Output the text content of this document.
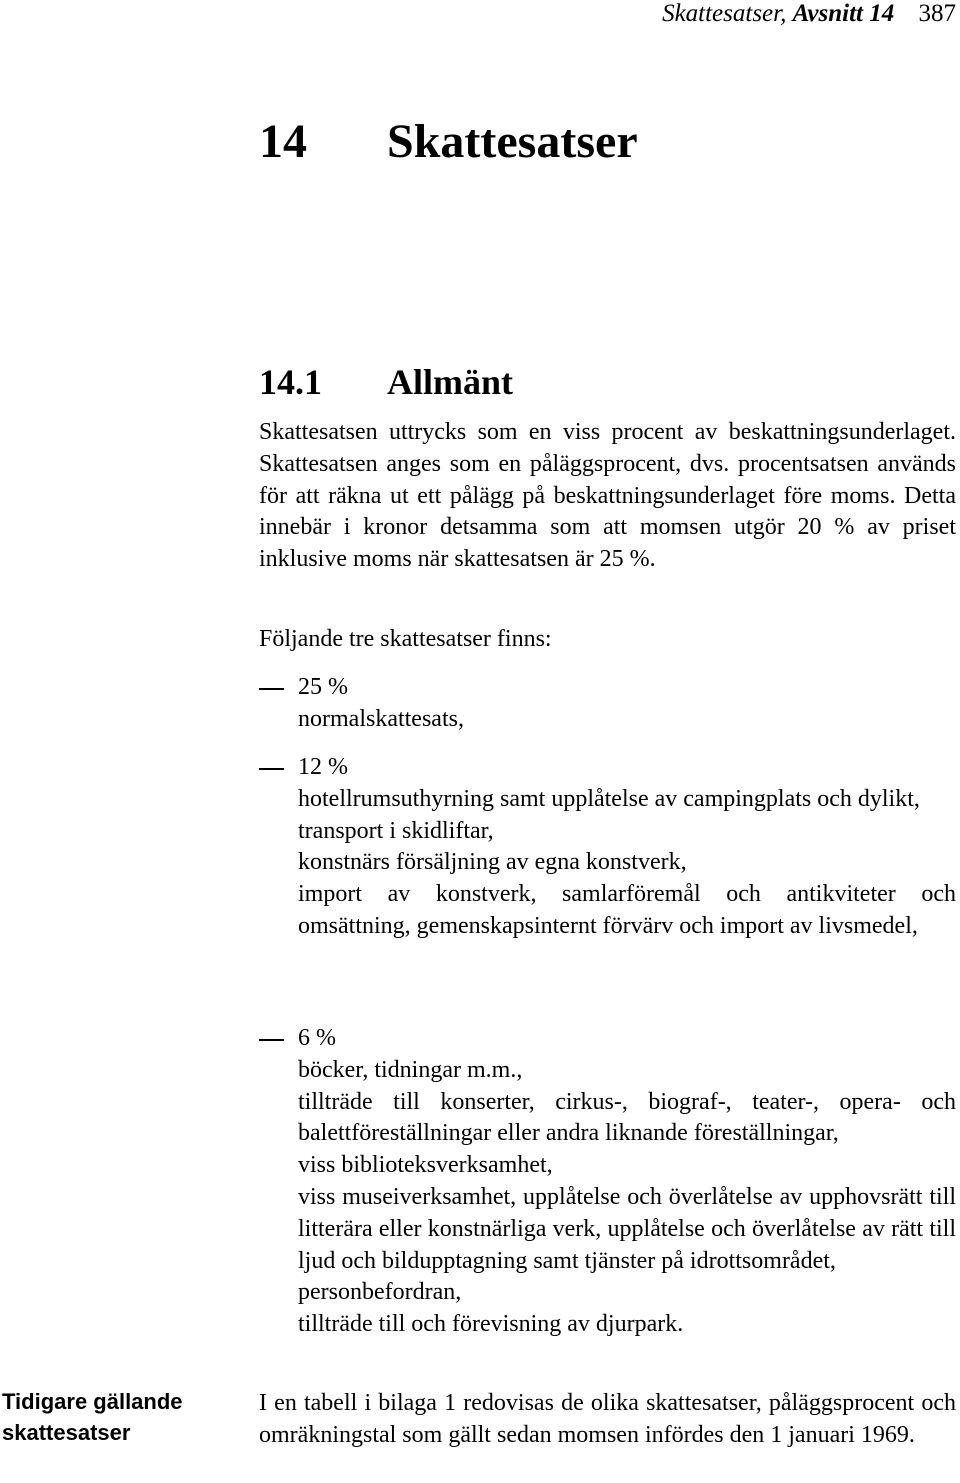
Skattesatser, Avsnitt 14 387
14 Skattesatser
14.1 Allmänt

Skattesatsen uttrycks som en viss procent av beskattningsunderlaget. Skattesatsen anges som en påläggsprocent, dvs. procentsatsen används för att räkna ut ett pålägg på beskattningsunderlaget före moms. Detta innebär i kronor detsamma som att momsen utgör 20 % av priset inklusive moms när skattesatsen är 25 %.

Följande tre skattesatser finns:

25 %
normalskattesats,
12 %
hotellrumsuthyrning samt upplåtelse av campingplats och dylikt,
transport i skidliftar,
konstnärs försäljning av egna konstverk,
import av konstverk, samlarföremål och antikviteter och omsättning, gemenskapsinternt förvärv och import av livsmedel,
6 %
böcker, tidningar m.m.,
tillträde till konserter, cirkus-, biograf-, teater-, opera- och balettföreställningar eller andra liknande föreställningar,
viss biblioteksverksamhet,
viss museiverksamhet, upplåtelse och överlåtelse av upphovsrätt till litterära eller konstnärliga verk, upplåtelse och överlåtelse av rätt till ljud och bildupptagning samt tjänster på idrottsområdet,
personbefordran,
tillträde till och förevisning av djurpark.
Tidigare gällande skattesatser

I en tabell i bilaga 1 redovisas de olika skattesatser, påläggsprocent och omräkningstal som gällt sedan momsen infördes den 1 januari 1969.
